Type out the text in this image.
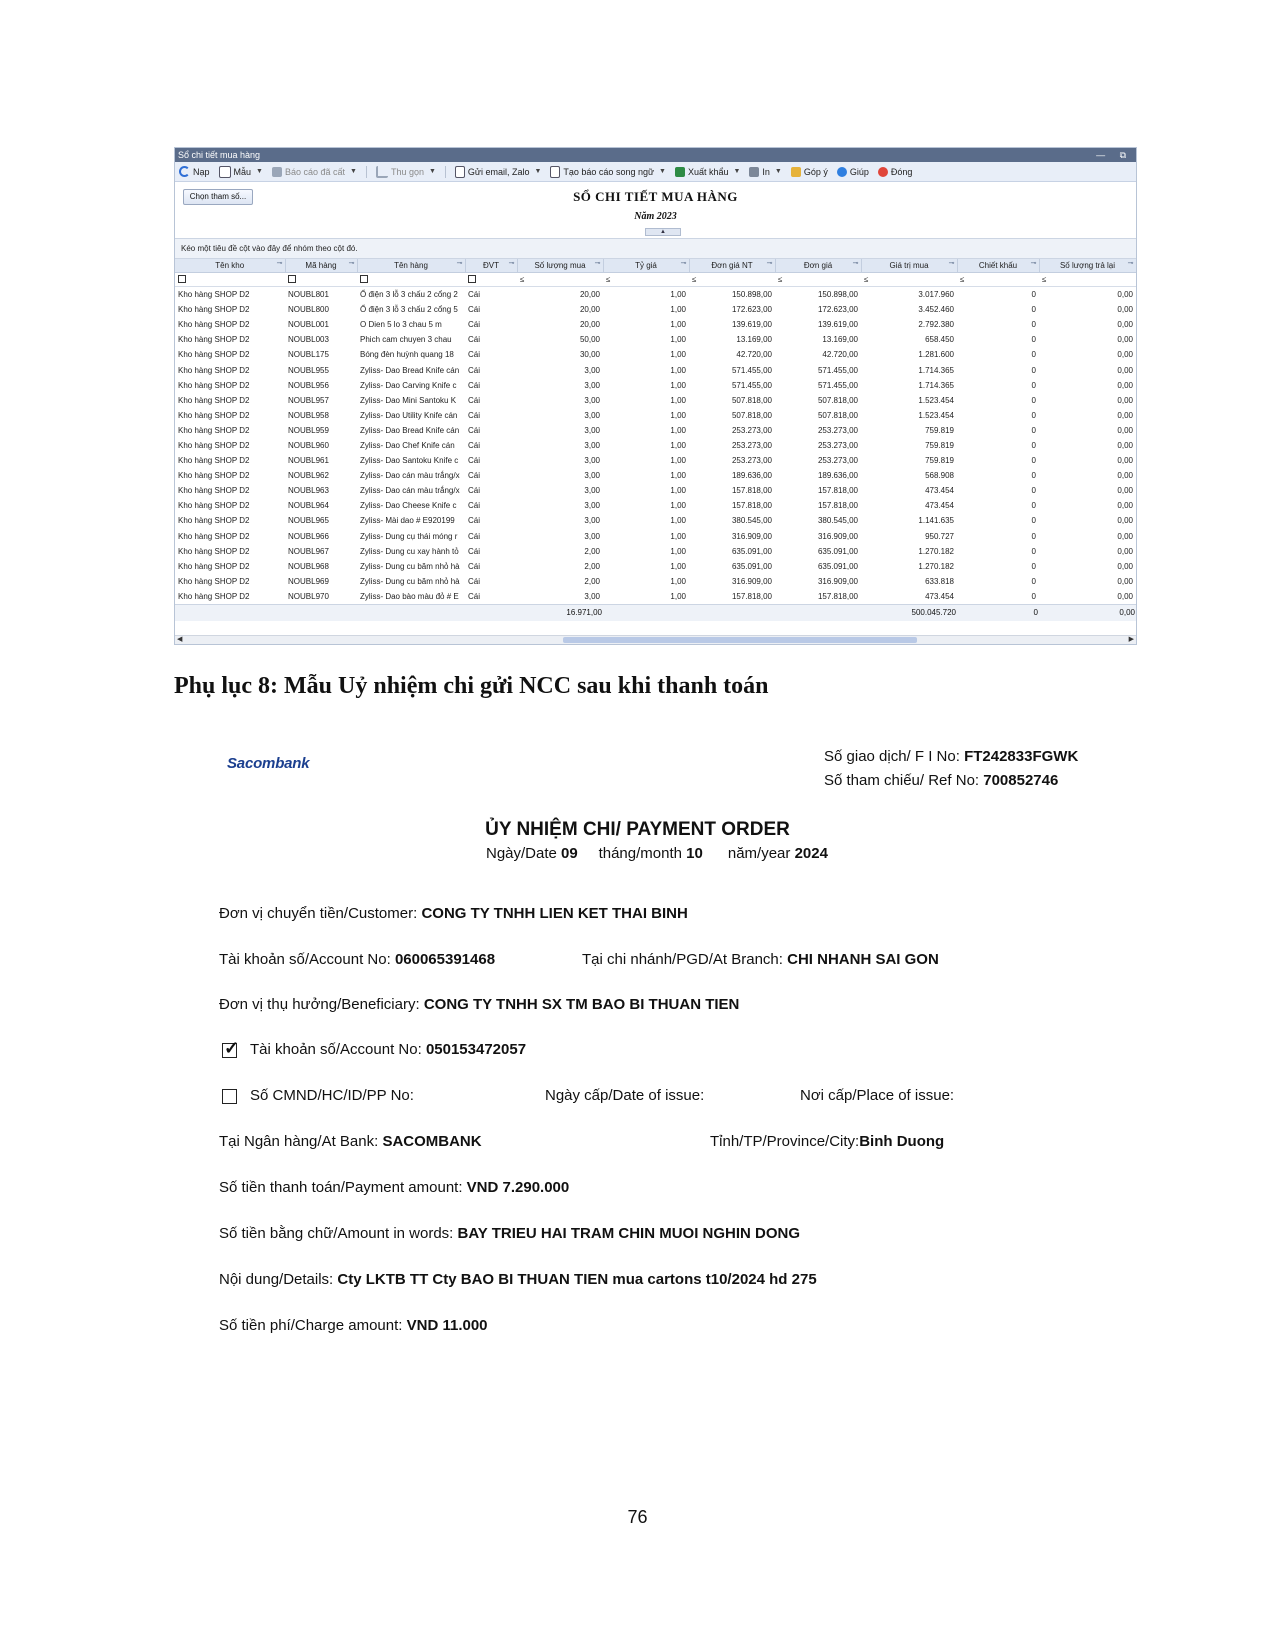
Sổ chi tiết mua hàng	— ⧉
Nạp	Mẫu ▼ Báo cáo đã cất ▼	Thu gọn ▼	Gửi email, Zalo ▼ Tạo báo cáo song ngữ ▼ Xuất khẩu ▼ In ▼ Góp ý Giúp Đóng
Chọn tham số...	SỔ CHI TIẾT MUA HÀNG
Năm 2023
▲
Kéo một tiêu đề cột vào đây để nhóm theo cột đó.
Tên kho ⊸	Mã hàng ⊸	Tên hàng ⊸	ĐVT ⊸	Số lượng mua ⊸	Tỷ giá ⊸	Đơn giá NT ⊸	Đơn giá ⊸	Giá trị mua ⊸	Chiết khấu ⊸	Số lượng trả lại ⊸

				≤	≤	≤	≤	≤	≤	≤
Kho hàng SHOP D2	NOUBL801	Ổ điện 3 lỗ 3 chấu 2 cổng 2	Cái	20,00	1,00	150.898,00	150.898,00	3.017.960	0	0,00
Kho hàng SHOP D2	NOUBL800	Ổ điện 3 lỗ 3 chấu 2 cổng 5	Cái	20,00	1,00	172.623,00	172.623,00	3.452.460	0	0,00
Kho hàng SHOP D2	NOUBL001	O Dien 5 lo 3 chau 5 m	Cái	20,00	1,00	139.619,00	139.619,00	2.792.380	0	0,00
Kho hàng SHOP D2	NOUBL003	Phich cam chuyen 3 chau	Cái	50,00	1,00	13.169,00	13.169,00	658.450	0	0,00
Kho hàng SHOP D2	NOUBL175	Bóng đèn huỳnh quang 18	Cái	30,00	1,00	42.720,00	42.720,00	1.281.600	0	0,00
Kho hàng SHOP D2	NOUBL955	Zyliss- Dao Bread Knife cán	Cái	3,00	1,00	571.455,00	571.455,00	1.714.365	0	0,00
Kho hàng SHOP D2	NOUBL956	Zyliss- Dao Carving Knife c	Cái	3,00	1,00	571.455,00	571.455,00	1.714.365	0	0,00
Kho hàng SHOP D2	NOUBL957	Zyliss- Dao Mini Santoku K	Cái	3,00	1,00	507.818,00	507.818,00	1.523.454	0	0,00
Kho hàng SHOP D2	NOUBL958	Zyliss- Dao Utility Knife cán	Cái	3,00	1,00	507.818,00	507.818,00	1.523.454	0	0,00
Kho hàng SHOP D2	NOUBL959	Zyliss- Dao Bread Knife cán	Cái	3,00	1,00	253.273,00	253.273,00	759.819	0	0,00
Kho hàng SHOP D2	NOUBL960	Zyliss- Dao Chef Knife cán	Cái	3,00	1,00	253.273,00	253.273,00	759.819	0	0,00
Kho hàng SHOP D2	NOUBL961	Zyliss- Dao Santoku Knife c	Cái	3,00	1,00	253.273,00	253.273,00	759.819	0	0,00
Kho hàng SHOP D2	NOUBL962	Zyliss- Dao cán màu trắng/x	Cái	3,00	1,00	189.636,00	189.636,00	568.908	0	0,00
Kho hàng SHOP D2	NOUBL963	Zyliss- Dao cán màu trắng/x	Cái	3,00	1,00	157.818,00	157.818,00	473.454	0	0,00
Kho hàng SHOP D2	NOUBL964	Zyliss- Dao Cheese Knife c	Cái	3,00	1,00	157.818,00	157.818,00	473.454	0	0,00
Kho hàng SHOP D2	NOUBL965	Zyliss- Mài dao # E920199	Cái	3,00	1,00	380.545,00	380.545,00	1.141.635	0	0,00
Kho hàng SHOP D2	NOUBL966	Zyliss- Dung cụ thái móng r	Cái	3,00	1,00	316.909,00	316.909,00	950.727	0	0,00
Kho hàng SHOP D2	NOUBL967	Zyliss- Dung cu xay hành tỏ	Cái	2,00	1,00	635.091,00	635.091,00	1.270.182	0	0,00
Kho hàng SHOP D2	NOUBL968	Zyliss- Dung cu băm nhỏ hà	Cái	2,00	1,00	635.091,00	635.091,00	1.270.182	0	0,00
Kho hàng SHOP D2	NOUBL969	Zyliss- Dung cu băm nhỏ hà	Cái	2,00	1,00	316.909,00	316.909,00	633.818	0	0,00
Kho hàng SHOP D2	NOUBL970	Zyliss- Dao bào màu đỏ # E	Cái	3,00	1,00	157.818,00	157.818,00	473.454	0	0,00
				16.971,00				500.045.720	0	0,00
◀	▶
Phụ lục 8: Mẫu Uỷ nhiệm chi gửi NCC sau khi thanh toán
Sacombank	Số giao dịch/ F I No: FT242833FGWK
Số tham chiếu/ Ref No: 700852746
ỦY NHIỆM CHI/ PAYMENT ORDER
Ngày/Date 09 tháng/month 10 năm/year 2024
Đơn vị chuyển tiền/Customer: CONG TY TNHH LIEN KET THAI BINH
Tài khoản số/Account No: 060065391468	Tại chi nhánh/PGD/At Branch: CHI NHANH SAI GON
Đơn vị thụ hưởng/Beneficiary: CONG TY TNHH SX TM BAO BI THUAN TIEN
✓ Tài khoản số/Account No: 050153472057
Số CMND/HC/ID/PP No:	Ngày cấp/Date of issue:	Nơi cấp/Place of issue:
Tại Ngân hàng/At Bank: SACOMBANK	Tỉnh/TP/Province/City:Binh Duong
Số tiền thanh toán/Payment amount: VND 7.290.000
Số tiền bằng chữ/Amount in words: BAY TRIEU HAI TRAM CHIN MUOI NGHIN DONG
Nội dung/Details: Cty LKTB TT Cty BAO BI THUAN TIEN mua cartons t10/2024 hd 275
Số tiền phí/Charge amount: VND 11.000
76
